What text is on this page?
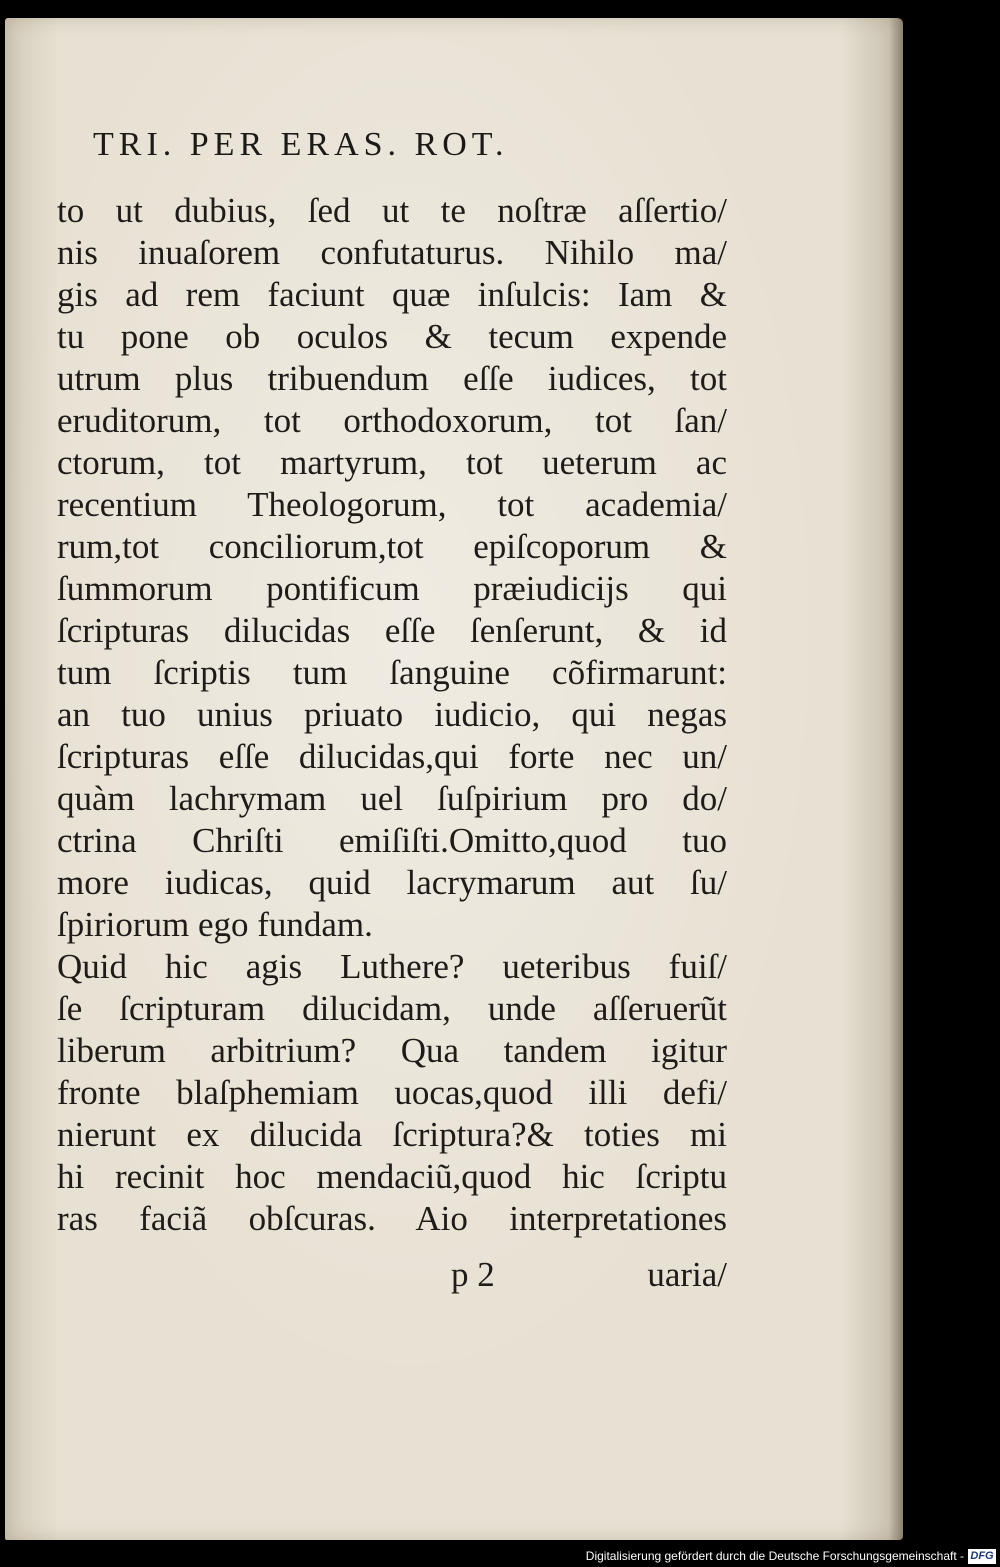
TRI. PER ERAS. ROT.
to ut dubius, ſed ut te noſtræ aſſertio/
nis inuaſorem confutaturus. Nihilo ma/
gis ad rem faciunt quæ inſulcis: Iam &
tu pone ob oculos & tecum expende
utrum plus tribuendum eſſe iudices, tot
eruditorum, tot orthodoxorum, tot ſan/
ctorum, tot martyrum, tot ueterum ac
recentium Theologorum, tot academia/
rum,tot conciliorum,tot epiſcoporum &
ſummorum pontificum præiudicijs qui
ſcripturas dilucidas eſſe ſenſerunt, & id
tum ſcriptis tum ſanguine cõfirmarunt:
an tuo unius priuato iudicio, qui negas
ſcripturas eſſe dilucidas,qui forte nec un/
quàm lachrymam uel ſuſpirium pro do/
ctrina Chriſti emiſiſti.Omitto,quod tuo
more iudicas, quid lacrymarum aut ſu/
ſpiriorum ego fundam.
Quid hic agis Luthere? ueteribus fuiſ/
ſe ſcripturam dilucidam, unde aſſeruerũt
liberum arbitrium? Qua tandem igitur
fronte blaſphemiam uocas,quod illi defi/
nierunt ex dilucida ſcriptura?& toties mi
hi recinit hoc mendaciũ,quod hic ſcriptu
ras faciã obſcuras. Aio interpretationes
p 2	uaria/
Digitalisierung gefördert durch die Deutsche Forschungsgemeinschaft - DFG
